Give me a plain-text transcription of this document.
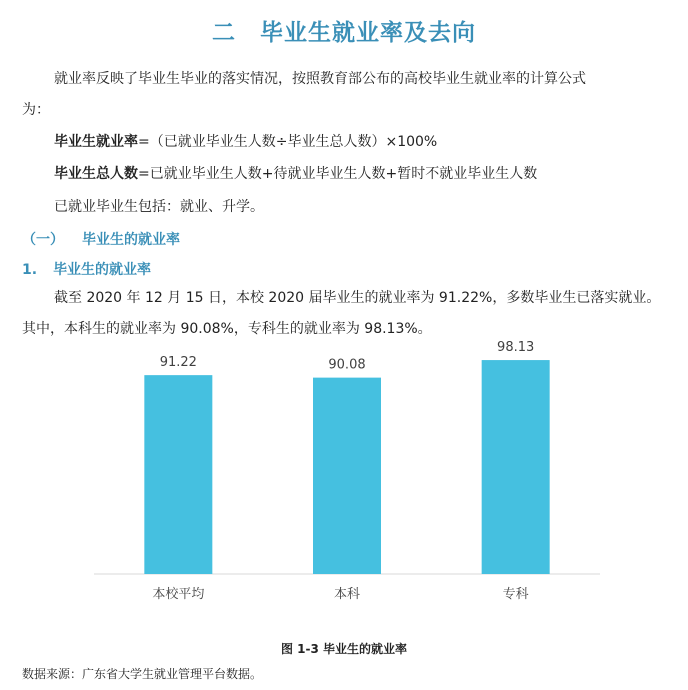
二　毕业生就业率及去向
就业率反映了毕业生毕业的落实情况，按照教育部公布的高校毕业生就业率的计算公式
为：
毕业生就业率=（已就业毕业生人数÷毕业生总人数）×100%
毕业生总人数=已就业毕业生人数+待就业毕业生人数+暂时不就业毕业生人数
已就业毕业生包括：就业、升学。
（一） 毕业生的就业率
1. 毕业生的就业率
截至 2020 年 12 月 15 日，本校 2020 届毕业生的就业率为 91.22%，多数毕业生已落实就业。
其中，本科生的就业率为 90.08%，专科生的就业率为 98.13%。
91.22
本校平均
90.08
本科
98.13
专科
图 1-3 毕业生的就业率
数据来源：广东省大学生就业管理平台数据。
